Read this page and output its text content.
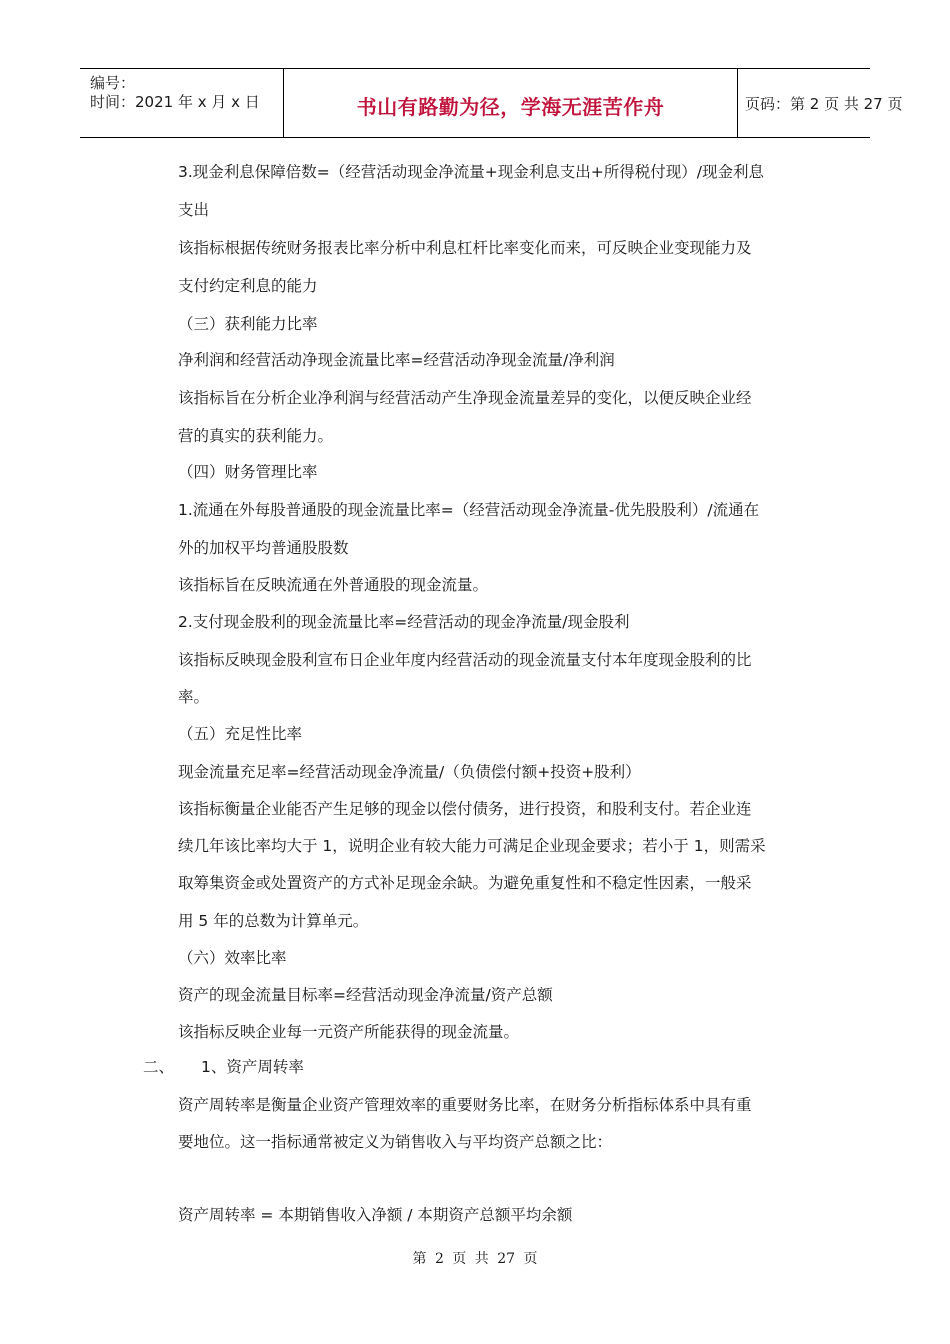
编号：
时间：2021 年 x 月 x 日	书山有路勤为径，学海无涯苦作舟	页码：第 2 页 共 27 页
3.现金利息保障倍数=（经营活动现金净流量+现金利息支出+所得税付现）/现金利息
支出
该指标根据传统财务报表比率分析中利息杠杆比率变化而来，可反映企业变现能力及
支付约定利息的能力
（三）获利能力比率
净利润和经营活动净现金流量比率=经营活动净现金流量/净利润
该指标旨在分析企业净利润与经营活动产生净现金流量差异的变化，以便反映企业经
营的真实的获利能力。
（四）财务管理比率
1.流通在外每股普通股的现金流量比率=（经营活动现金净流量-优先股股利）/流通在
外的加权平均普通股股数
该指标旨在反映流通在外普通股的现金流量。
2.支付现金股利的现金流量比率=经营活动的现金净流量/现金股利
该指标反映现金股利宣布日企业年度内经营活动的现金流量支付本年度现金股利的比
率。
（五）充足性比率
现金流量充足率=经营活动现金净流量/（负债偿付额+投资+股利）
该指标衡量企业能否产生足够的现金以偿付债务，进行投资，和股利支付。若企业连
续几年该比率均大于 1，说明企业有较大能力可满足企业现金要求；若小于 1，则需采
取筹集资金或处置资产的方式补足现金余缺。为避免重复性和不稳定性因素，一般采
用 5 年的总数为计算单元。
（六）效率比率
资产的现金流量目标率=经营活动现金净流量/资产总额
该指标反映企业每一元资产所能获得的现金流量。
二、 1、资产周转率
资产周转率是衡量企业资产管理效率的重要财务比率，在财务分析指标体系中具有重
要地位。这一指标通常被定义为销售收入与平均资产总额之比：
资产周转率 = 本期销售收入净额 / 本期资产总额平均余额
第 2 页 共 27 页
